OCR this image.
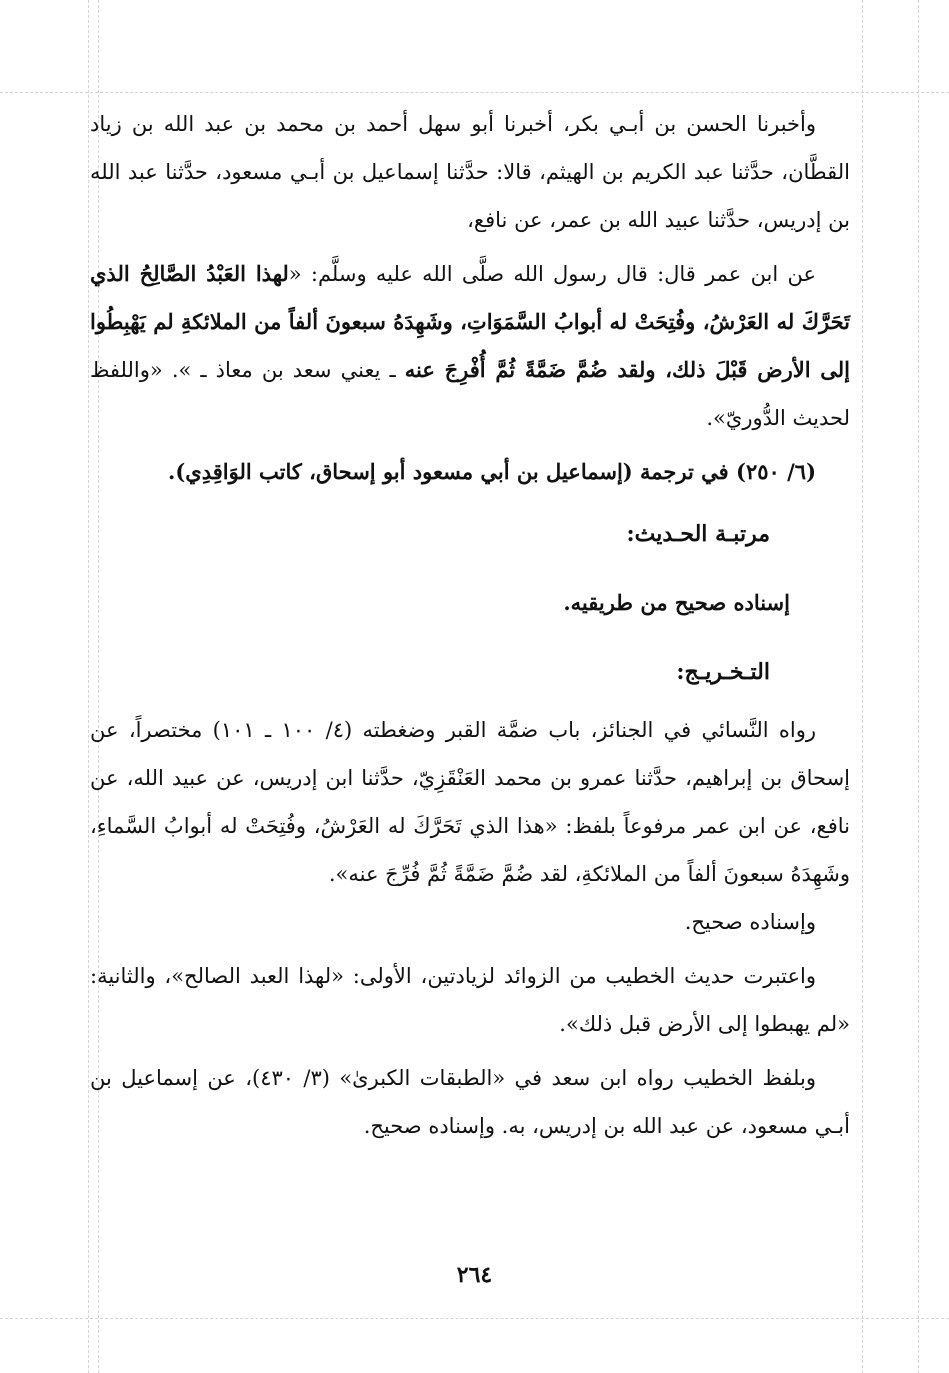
وأخبرنا الحسن بن أبـي بكر، أخبرنا أبو سهل أحمد بن محمد بن عبد الله بن زياد القطَّان، حدَّثنا عبد الكريم بن الهيثم، قالا: حدَّثنا إسماعيل بن أبـي مسعود، حدَّثنا عبد الله بن إدريس، حدَّثنا عبيد الله بن عمر، عن نافع،

عن ابن عمر قال: قال رسول الله صلَّى الله عليه وسلَّم: «لهذا العَبْدُ الصَّالِحُ الذي تَحَرَّكَ له العَرْشُ، وفُتِحَتْ له أبوابُ السَّمَوَاتِ، وشَهِدَهُ سبعونَ ألفاً من الملائكةِ لم يَهْبِطُوا إلى الأرض قَبْلَ ذلك، ولقد ضُمَّ ضَمَّةً ثُمَّ أُفْرِجَ عنه ـ يعني سعد بن معاذ ـ ». «واللفظ لحديث الدُّوريّ».

(٦/ ٢٥٠) في ترجمة (إسماعيل بن أبي مسعود أبو إسحاق، كاتب الوَاقِدِي).

مرتبـة الحـديث:

إسناده صحيح من طريقيه.

التـخـريـج:

رواه النَّسائي في الجنائز، باب ضمَّة القبر وضغطته (٤/ ١٠٠ ـ ١٠١) مختصراً، عن إسحاق بن إبراهيم، حدَّثنا عمرو بن محمد العَنْقَزِيّ، حدَّثنا ابن إدريس، عن عبيد الله، عن نافع، عن ابن عمر مرفوعاً بلفظ: «هذا الذي تَحَرَّكَ له العَرْشُ، وفُتِحَتْ له أبوابُ السَّماءِ، وشَهِدَهُ سبعونَ ألفاً من الملائكةِ، لقد ضُمَّ ضَمَّةً ثُمَّ فُرِّجَ عنه».

وإسناده صحيح.

واعتبرت حديث الخطيب من الزوائد لزيادتين، الأولى: «لهذا العبد الصالح»، والثانية: «لم يهبطوا إلى الأرض قبل ذلك».

وبلفظ الخطيب رواه ابن سعد في «الطبقات الكبرىٰ» (٣/ ٤٣٠)، عن إسماعيل بن أبـي مسعود، عن عبد الله بن إدريس، به. وإسناده صحيح.

٢٦٤
